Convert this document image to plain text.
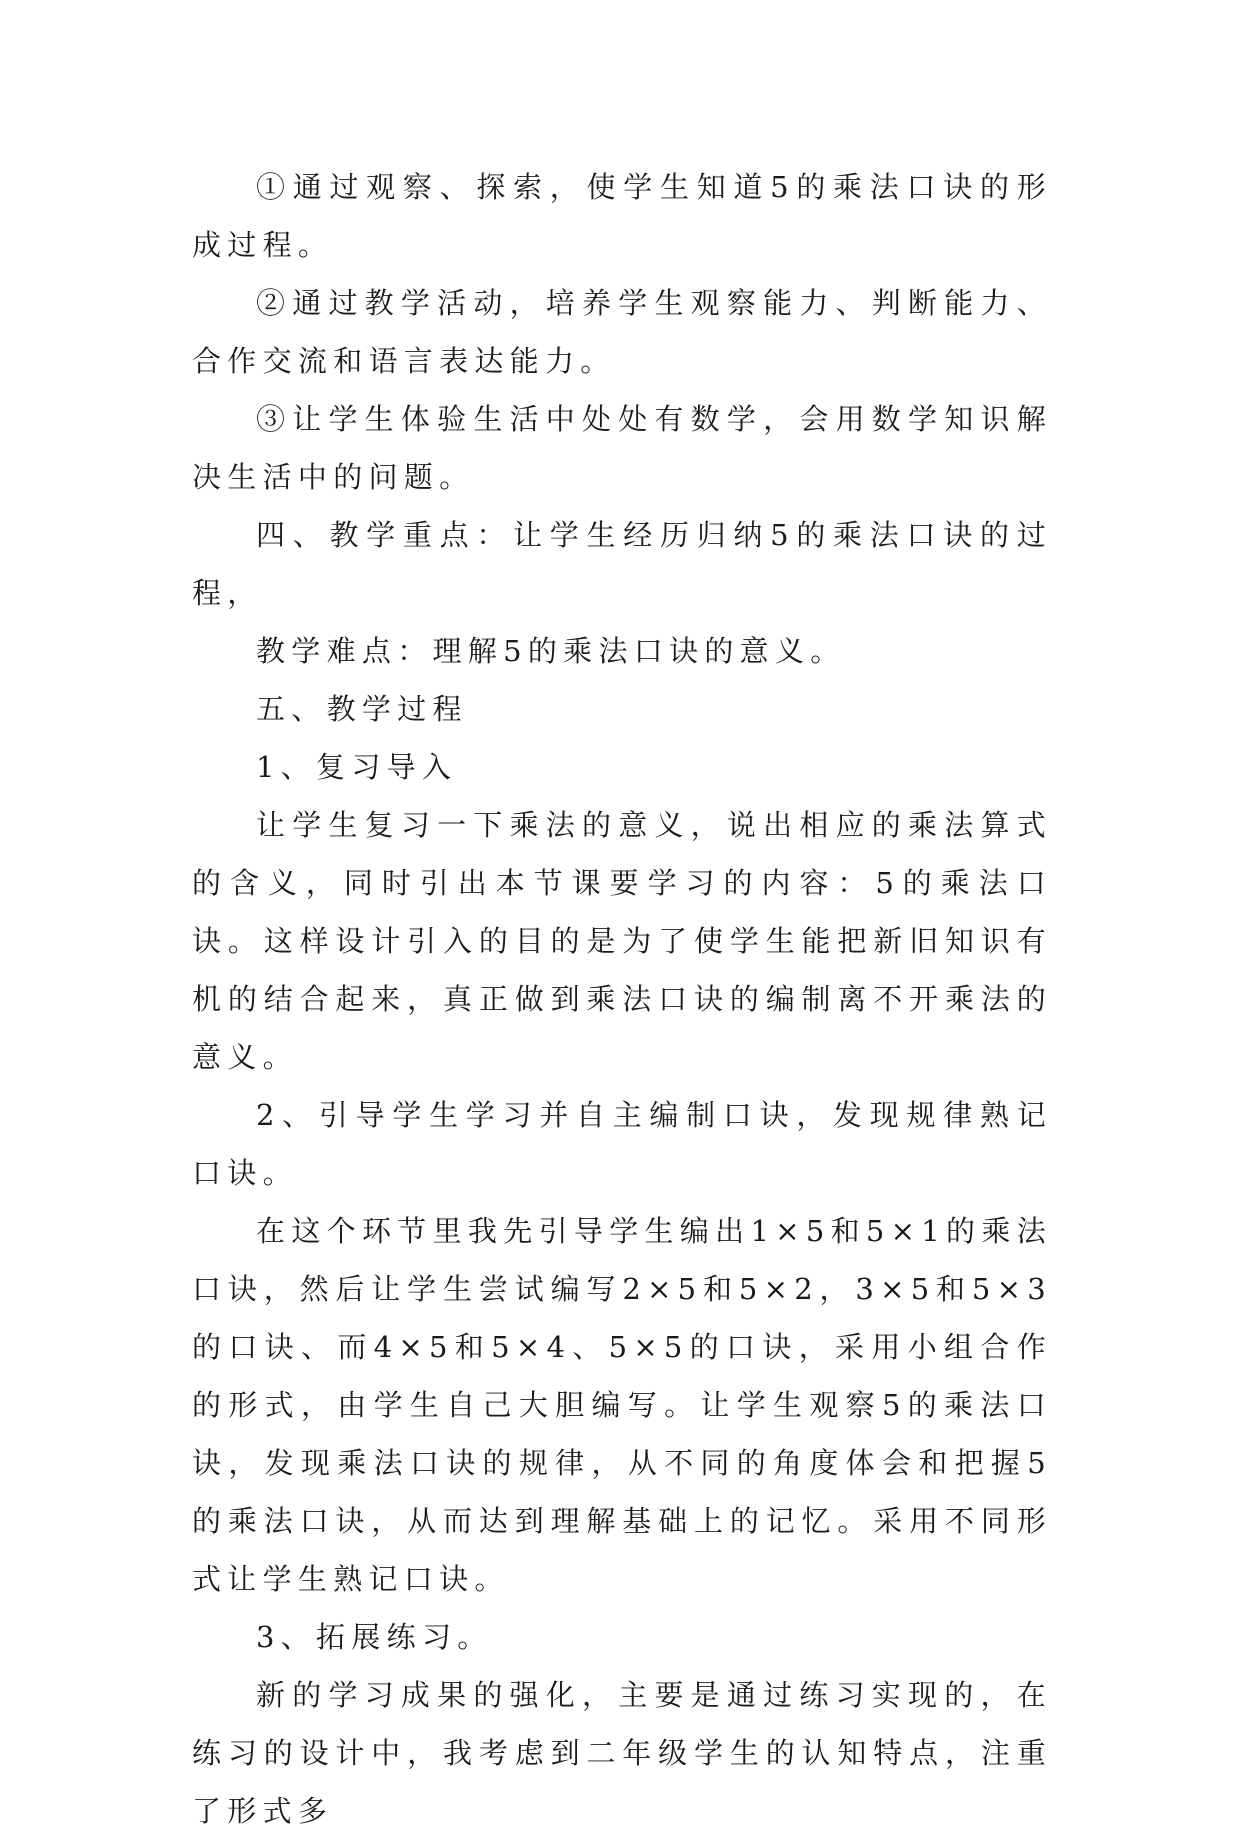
①通过观察、探索，使学生知道5的乘法口诀的形成过程。

②通过教学活动，培养学生观察能力、判断能力、合作交流和语言表达能力。

③让学生体验生活中处处有数学，会用数学知识解决生活中的问题。

四、教学重点：让学生经历归纳5的乘法口诀的过程，

教学难点：理解5的乘法口诀的意义。

五、教学过程

1、复习导入

让学生复习一下乘法的意义，说出相应的乘法算式的含义，同时引出本节课要学习的内容：5的乘法口诀。这样设计引入的目的是为了使学生能把新旧知识有机的结合起来，真正做到乘法口诀的编制离不开乘法的意义。

2、引导学生学习并自主编制口诀，发现规律熟记口诀。

在这个环节里我先引导学生编出1×5和5×1的乘法口诀，然后让学生尝试编写2×5和5×2，3×5和5×3的口诀、而4×5和5×4、5×5的口诀，采用小组合作的形式，由学生自己大胆编写。让学生观察5的乘法口诀，发现乘法口诀的规律，从不同的角度体会和把握5的乘法口诀，从而达到理解基础上的记忆。采用不同形式让学生熟记口诀。

3、拓展练习。

新的学习成果的强化，主要是通过练习实现的，在练习的设计中，我考虑到二年级学生的认知特点，注重了形式多
